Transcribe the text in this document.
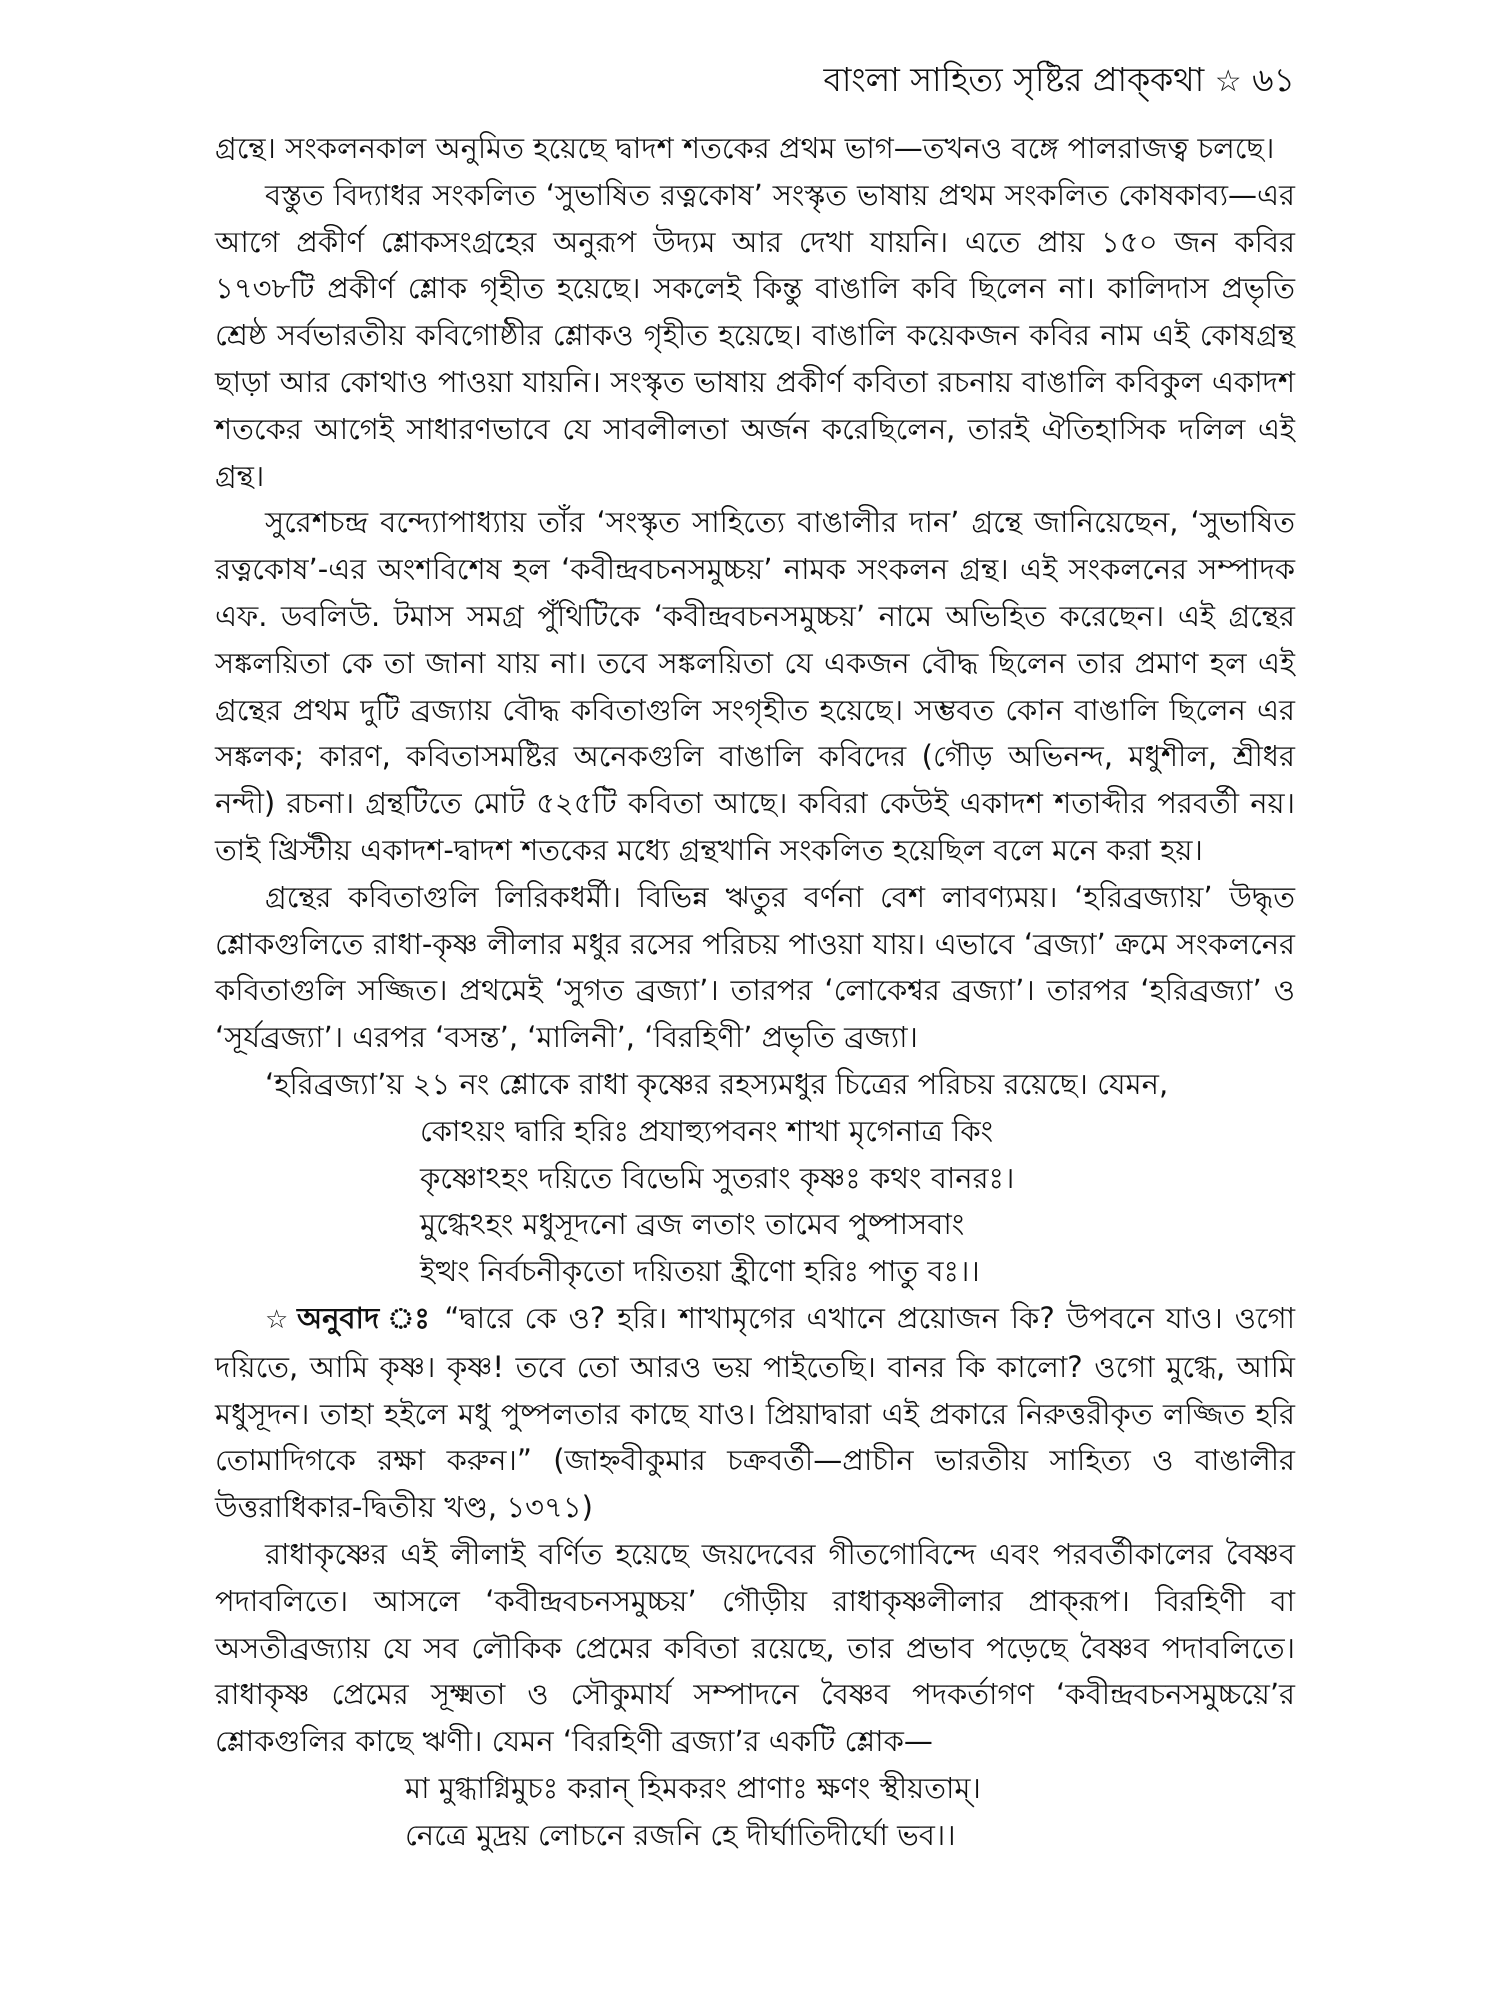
বাংলা সাহিত্য সৃষ্টির প্রাক্‌কথা ☆ ৬১

গ্রন্থে। সংকলনকাল অনুমিত হয়েছে দ্বাদশ শতকের প্রথম ভাগ—তখনও বঙ্গে পালরাজত্ব চলছে।

বস্তুত বিদ্যাধর সংকলিত ‘সুভাষিত রত্নকোষ’ সংস্কৃত ভাষায় প্রথম সংকলিত কোষকাব্য—এর আগে প্রকীর্ণ শ্লোকসংগ্রহের অনুরূপ উদ্যম আর দেখা যায়নি। এতে প্রায় ১৫০ জন কবির ১৭৩৮টি প্রকীর্ণ শ্লোক গৃহীত হয়েছে। সকলেই কিন্তু বাঙালি কবি ছিলেন না। কালিদাস প্রভৃতি শ্রেষ্ঠ সর্বভারতীয় কবিগোষ্ঠীর শ্লোকও গৃহীত হয়েছে। বাঙালি কয়েকজন কবির নাম এই কোষগ্রন্থ ছাড়া আর কোথাও পাওয়া যায়নি। সংস্কৃত ভাষায় প্রকীর্ণ কবিতা রচনায় বাঙালি কবিকুল একাদশ শতকের আগেই সাধারণভাবে যে সাবলীলতা অর্জন করেছিলেন, তারই ঐতিহাসিক দলিল এই গ্রন্থ।

সুরেশচন্দ্র বন্দ্যোপাধ্যায় তাঁর ‘সংস্কৃত সাহিত্যে বাঙালীর দান’ গ্রন্থে জানিয়েছেন, ‘সুভাষিত রত্নকোষ’-এর অংশবিশেষ হল ‘কবীন্দ্রবচনসমুচ্চয়’ নামক সংকলন গ্রন্থ। এই সংকলনের সম্পাদক এফ. ডবলিউ. টমাস সমগ্র পুঁথিটিকে ‘কবীন্দ্রবচনসমুচ্চয়’ নামে অভিহিত করেছেন। এই গ্রন্থের সঙ্কলয়িতা কে তা জানা যায় না। তবে সঙ্কলয়িতা যে একজন বৌদ্ধ ছিলেন তার প্রমাণ হল এই গ্রন্থের প্রথম দুটি ব্রজ্যায় বৌদ্ধ কবিতাগুলি সংগৃহীত হয়েছে। সম্ভবত কোন বাঙালি ছিলেন এর সঙ্কলক; কারণ, কবিতাসমষ্টির অনেকগুলি বাঙালি কবিদের (গৌড় অভিনন্দ, মধুশীল, শ্রীধর নন্দী) রচনা। গ্রন্থটিতে মোট ৫২৫টি কবিতা আছে। কবিরা কেউই একাদশ শতাব্দীর পরবর্তী নয়। তাই খ্রিস্টীয় একাদশ-দ্বাদশ শতকের মধ্যে গ্রন্থখানি সংকলিত হয়েছিল বলে মনে করা হয়।

গ্রন্থের কবিতাগুলি লিরিকধর্মী। বিভিন্ন ঋতুর বর্ণনা বেশ লাবণ্যময়। ‘হরিব্রজ্যায়’ উদ্ধৃত শ্লোকগুলিতে রাধা-কৃষ্ণ লীলার মধুর রসের পরিচয় পাওয়া যায়। এভাবে ‘ব্রজ্যা’ ক্রমে সংকলনের কবিতাগুলি সজ্জিত। প্রথমেই ‘সুগত ব্রজ্যা’। তারপর ‘লোকেশ্বর ব্রজ্যা’। তারপর ‘হরিব্রজ্যা’ ও ‘সূর্যব্রজ্যা’। এরপর ‘বসন্ত’, ‘মালিনী’, ‘বিরহিণী’ প্রভৃতি ব্রজ্যা।

‘হরিব্রজ্যা’য় ২১ নং শ্লোকে রাধা কৃষ্ণের রহস্যমধুর চিত্রের পরিচয় রয়েছে। যেমন,

কোঽয়ং দ্বারি হরিঃ প্রযাহ্যুপবনং শাখা মৃগেনাত্র কিং
কৃষ্ণোঽহং দয়িতে বিভেমি সুতরাং কৃষ্ণঃ কথং বানরঃ।
মুগ্ধেঽহং মধুসূদনো ব্রজ লতাং তামেব পুষ্পাসবাং
ইত্থং নির্বচনীকৃতো দয়িতয়া হ্রীণো হরিঃ পাতু বঃ।।

☆ অনুবাদ ঃ “দ্বারে কে ও? হরি। শাখামৃগের এখানে প্রয়োজন কি? উপবনে যাও। ওগো দয়িতে, আমি কৃষ্ণ। কৃষ্ণ! তবে তো আরও ভয় পাইতেছি। বানর কি কালো? ওগো মুগ্ধে, আমি মধুসূদন। তাহা হইলে মধু পুষ্পলতার কাছে যাও। প্রিয়াদ্বারা এই প্রকারে নিরুত্তরীকৃত লজ্জিত হরি তোমাদিগকে রক্ষা করুন।” (জাহ্নবীকুমার চক্রবর্তী—প্রাচীন ভারতীয় সাহিত্য ও বাঙালীর উত্তরাধিকার-দ্বিতীয় খণ্ড, ১৩৭১)

রাধাকৃষ্ণের এই লীলাই বর্ণিত হয়েছে জয়দেবের গীতগোবিন্দে এবং পরবর্তীকালের বৈষ্ণব পদাবলিতে। আসলে ‘কবীন্দ্রবচনসমুচ্চয়’ গৌড়ীয় রাধাকৃষ্ণলীলার প্রাক্‌রূপ। বিরহিণী বা অসতীব্রজ্যায় যে সব লৌকিক প্রেমের কবিতা রয়েছে, তার প্রভাব পড়েছে বৈষ্ণব পদাবলিতে। রাধাকৃষ্ণ প্রেমের সূক্ষ্মতা ও সৌকুমার্য সম্পাদনে বৈষ্ণব পদকর্তাগণ ‘কবীন্দ্রবচনসমুচ্চয়ে’র শ্লোকগুলির কাছে ঋণী। যেমন ‘বিরহিণী ব্রজ্যা’র একটি শ্লোক—

মা মুগ্ধাগ্নিমুচঃ করান্‌ হিমকরং প্রাণাঃ ক্ষণং স্থীয়তাম্‌।
নেত্রে মুদ্রয় লোচনে রজনি হে দীর্ঘাতিদীর্ঘো ভব।।
